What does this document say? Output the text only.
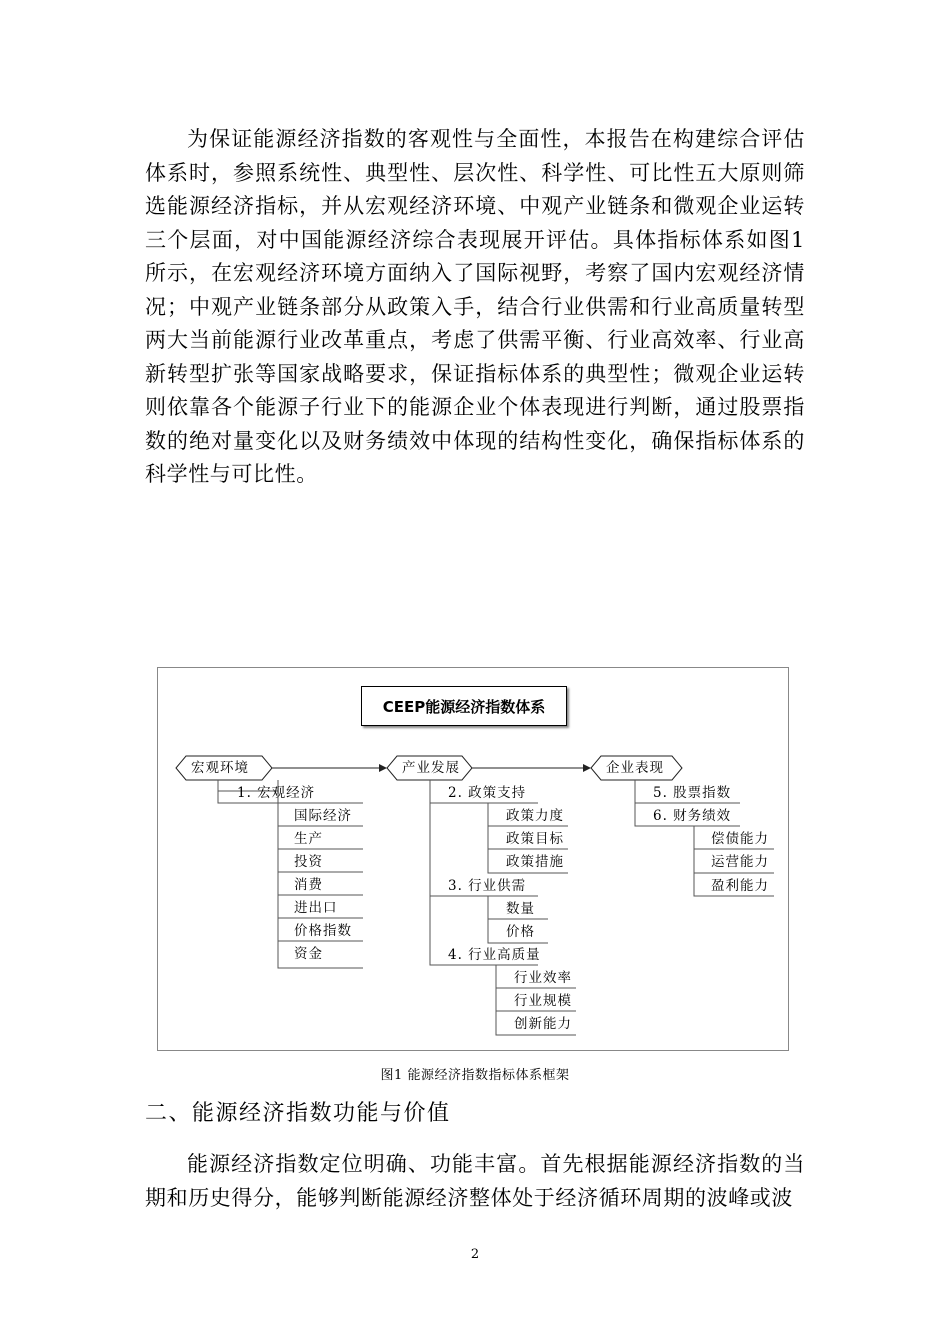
为保证能源经济指数的客观性与全面性，本报告在构建综合评估体系时，参照系统性、典型性、层次性、科学性、可比性五大原则筛选能源经济指标，并从宏观经济环境、中观产业链条和微观企业运转三个层面，对中国能源经济综合表现展开评估。具体指标体系如图1所示，在宏观经济环境方面纳入了国际视野，考察了国内宏观经济情况；中观产业链条部分从政策入手，结合行业供需和行业高质量转型两大当前能源行业改革重点，考虑了供需平衡、行业高效率、行业高新转型扩张等国家战略要求，保证指标体系的典型性；微观企业运转则依靠各个能源子行业下的能源企业个体表现进行判断，通过股票指数的绝对量变化以及财务绩效中体现的结构性变化，确保指标体系的科学性与可比性。

CEEP能源经济指数体系
宏观环境	产业发展	企业表现
1. 宏观经济
国际经济
生产
投资
消费
进出口
价格指数
资金
2. 政策支持
政策力度
政策目标
政策措施
3. 行业供需
数量
价格
4. 行业高质量
行业效率
行业规模
创新能力
5. 股票指数
6. 财务绩效
偿债能力
运营能力
盈利能力
图1 能源经济指数指标体系框架
二、能源经济指数功能与价值

能源经济指数定位明确、功能丰富。首先根据能源经济指数的当期和历史得分，能够判断能源经济整体处于经济循环周期的波峰或波

2
